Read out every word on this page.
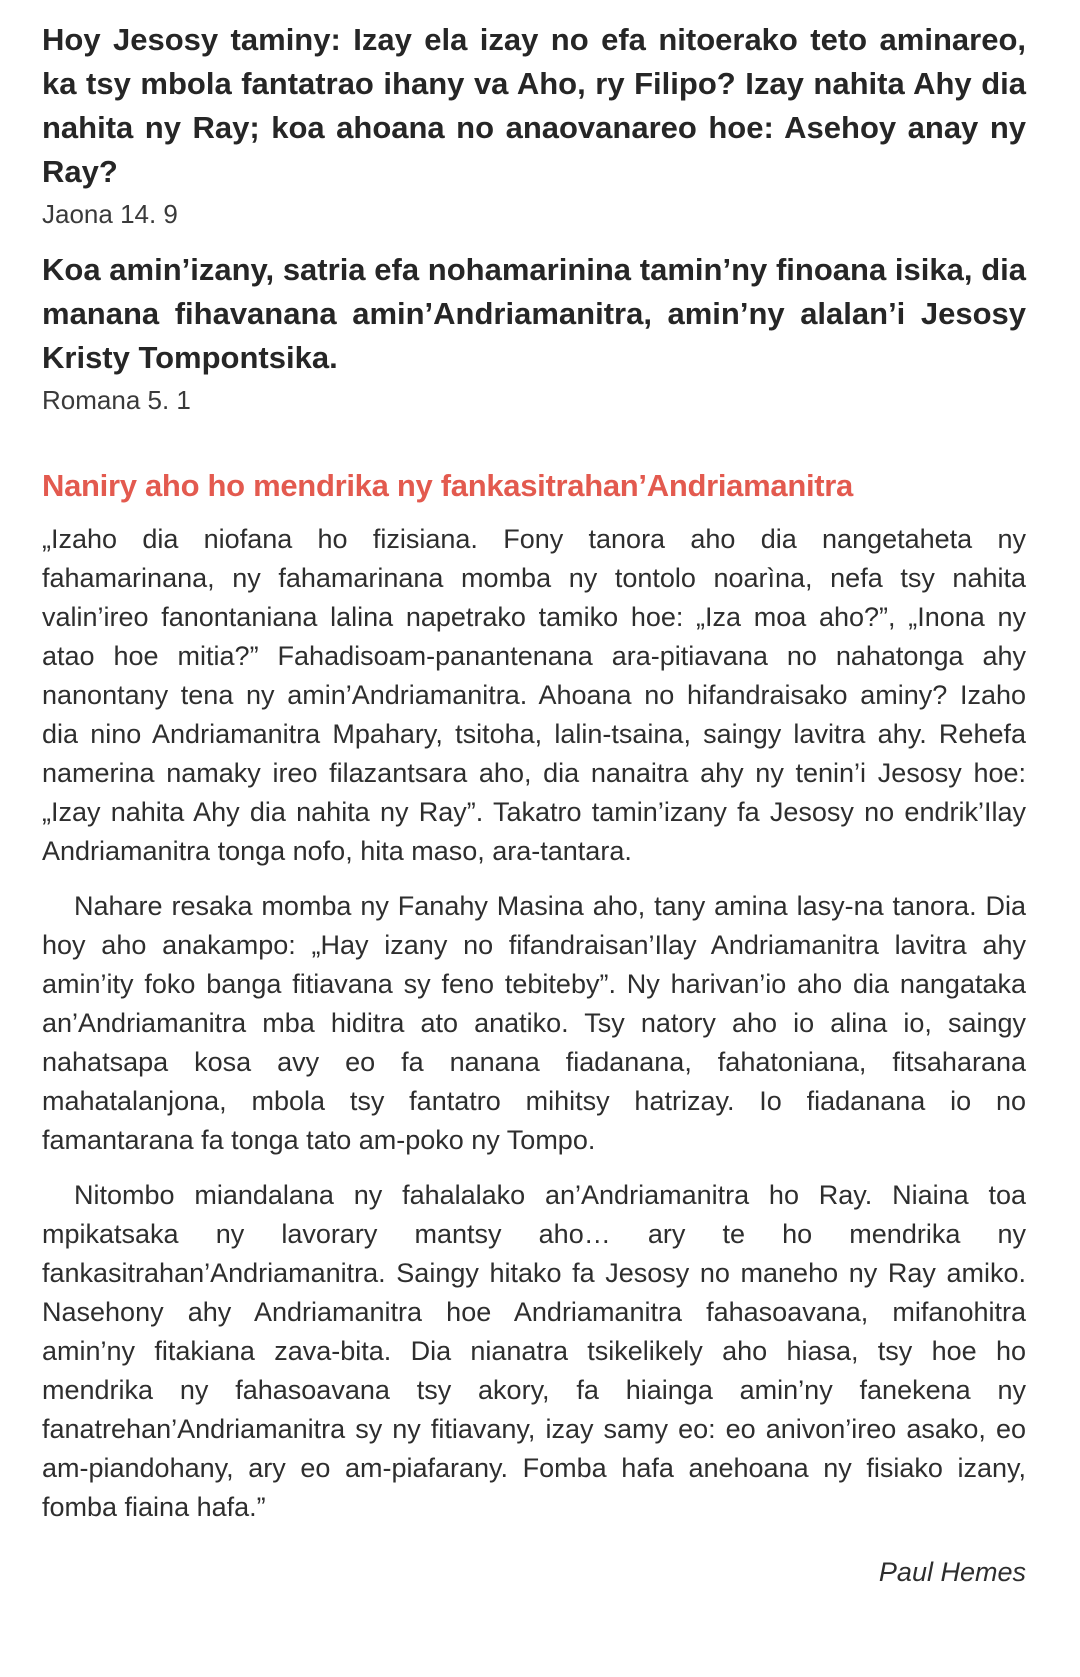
Hoy Jesosy taminy: Izay ela izay no efa nitoerako teto aminareo, ka tsy mbola fantatrao ihany va Aho, ry Filipo? Izay nahita Ahy dia nahita ny Ray; koa ahoana no anaovanareo hoe: Asehoy anay ny Ray?

Jaona 14. 9

Koa amin’izany, satria efa nohamarinina tamin’ny finoana isika, dia manana fihavanana amin’Andriamanitra, amin’ny alalan’i Jesosy Kristy Tompontsika.

Romana 5. 1

Naniry aho ho mendrika ny fankasitrahan’Andriamanitra

„Izaho dia niofana ho fizisiana. Fony tanora aho dia nangetaheta ny fahamarinana, ny fahamarinana momba ny tontolo noarìna, nefa tsy nahita valin’ireo fanontaniana lalina napetrako tamiko hoe: „Iza moa aho?”, „Inona ny atao hoe mitia?” Fahadisoam-panantenana ara-pitiavana no nahatonga ahy nanontany tena ny amin’Andriamanitra. Ahoana no hifandraisako aminy? Izaho dia nino Andriamanitra Mpahary, tsitoha, lalin-tsaina, saingy lavitra ahy. Rehefa namerina namaky ireo filazantsara aho, dia nanaitra ahy ny tenin’i Jesosy hoe: „Izay nahita Ahy dia nahita ny Ray”. Takatro tamin’izany fa Jesosy no endrik’Ilay Andriamanitra tonga nofo, hita maso, ara-tantara.

Nahare resaka momba ny Fanahy Masina aho, tany amina lasy-na tanora. Dia hoy aho anakampo: „Hay izany no fifandraisan’Ilay Andriamanitra lavitra ahy amin’ity foko banga fitiavana sy feno tebiteby”. Ny harivan’io aho dia nangataka an’Andriamanitra mba hiditra ato anatiko. Tsy natory aho io alina io, saingy nahatsapa kosa avy eo fa nanana fiadanana, fahatoniana, fitsaharana mahatalanjona, mbola tsy fantatro mihitsy hatrizay. Io fiadanana io no famantarana fa tonga tato am-poko ny Tompo.

Nitombo miandalana ny fahalalako an’Andriamanitra ho Ray. Niaina toa mpikatsaka ny lavorary mantsy aho… ary te ho mendrika ny fankasitrahan’Andriamanitra. Saingy hitako fa Jesosy no maneho ny Ray amiko. Nasehony ahy Andriamanitra hoe Andriamanitra fahasoavana, mifanohitra amin’ny fitakiana zava-bita. Dia nianatra tsikelikely aho hiasa, tsy hoe ho mendrika ny fahasoavana tsy akory, fa hiainga amin’ny fanekena ny fanatrehan’Andriamanitra sy ny fitiavany, izay samy eo: eo anivon’ireo asako, eo am-piandohany, ary eo am-piafarany. Fomba hafa anehoana ny fisiako izany, fomba fiaina hafa.”

Paul Hemes
